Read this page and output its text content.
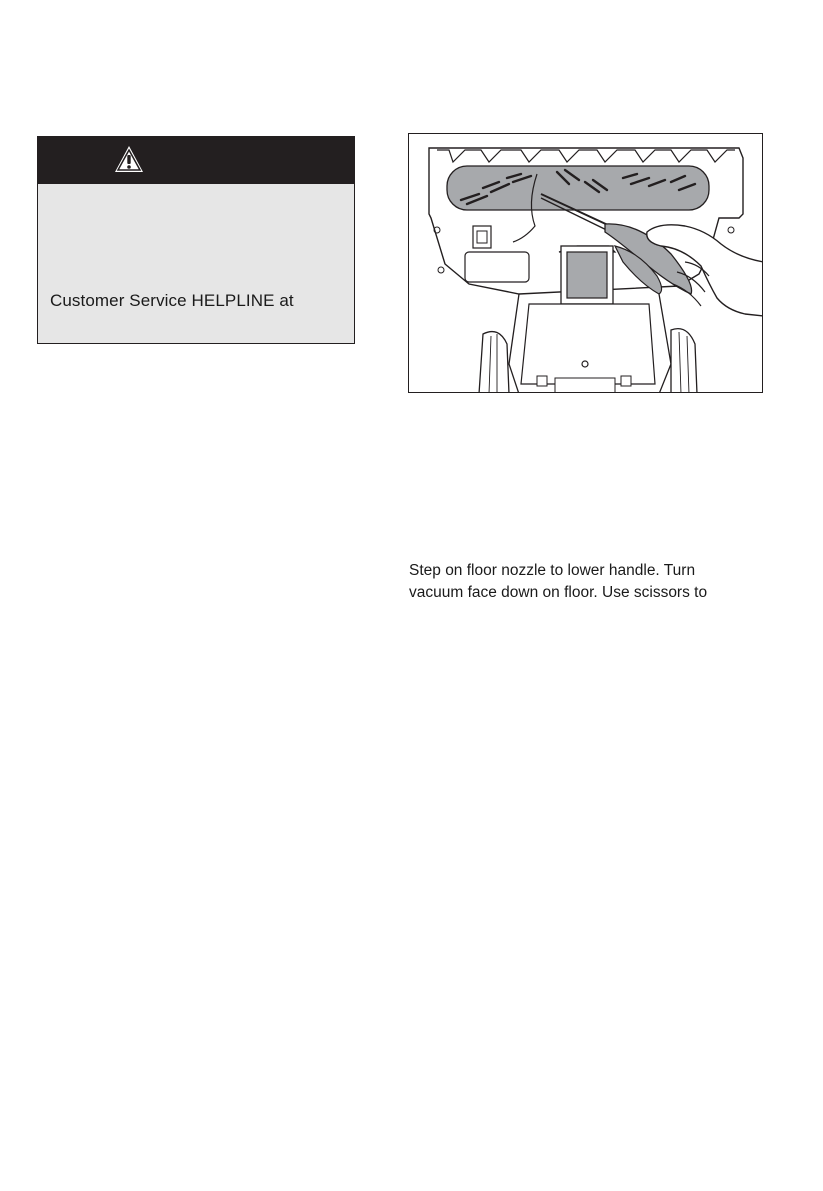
Customer Service HELPLINE at
Step on floor nozzle to lower handle. Turn
vacuum face down on floor. Use scissors to
